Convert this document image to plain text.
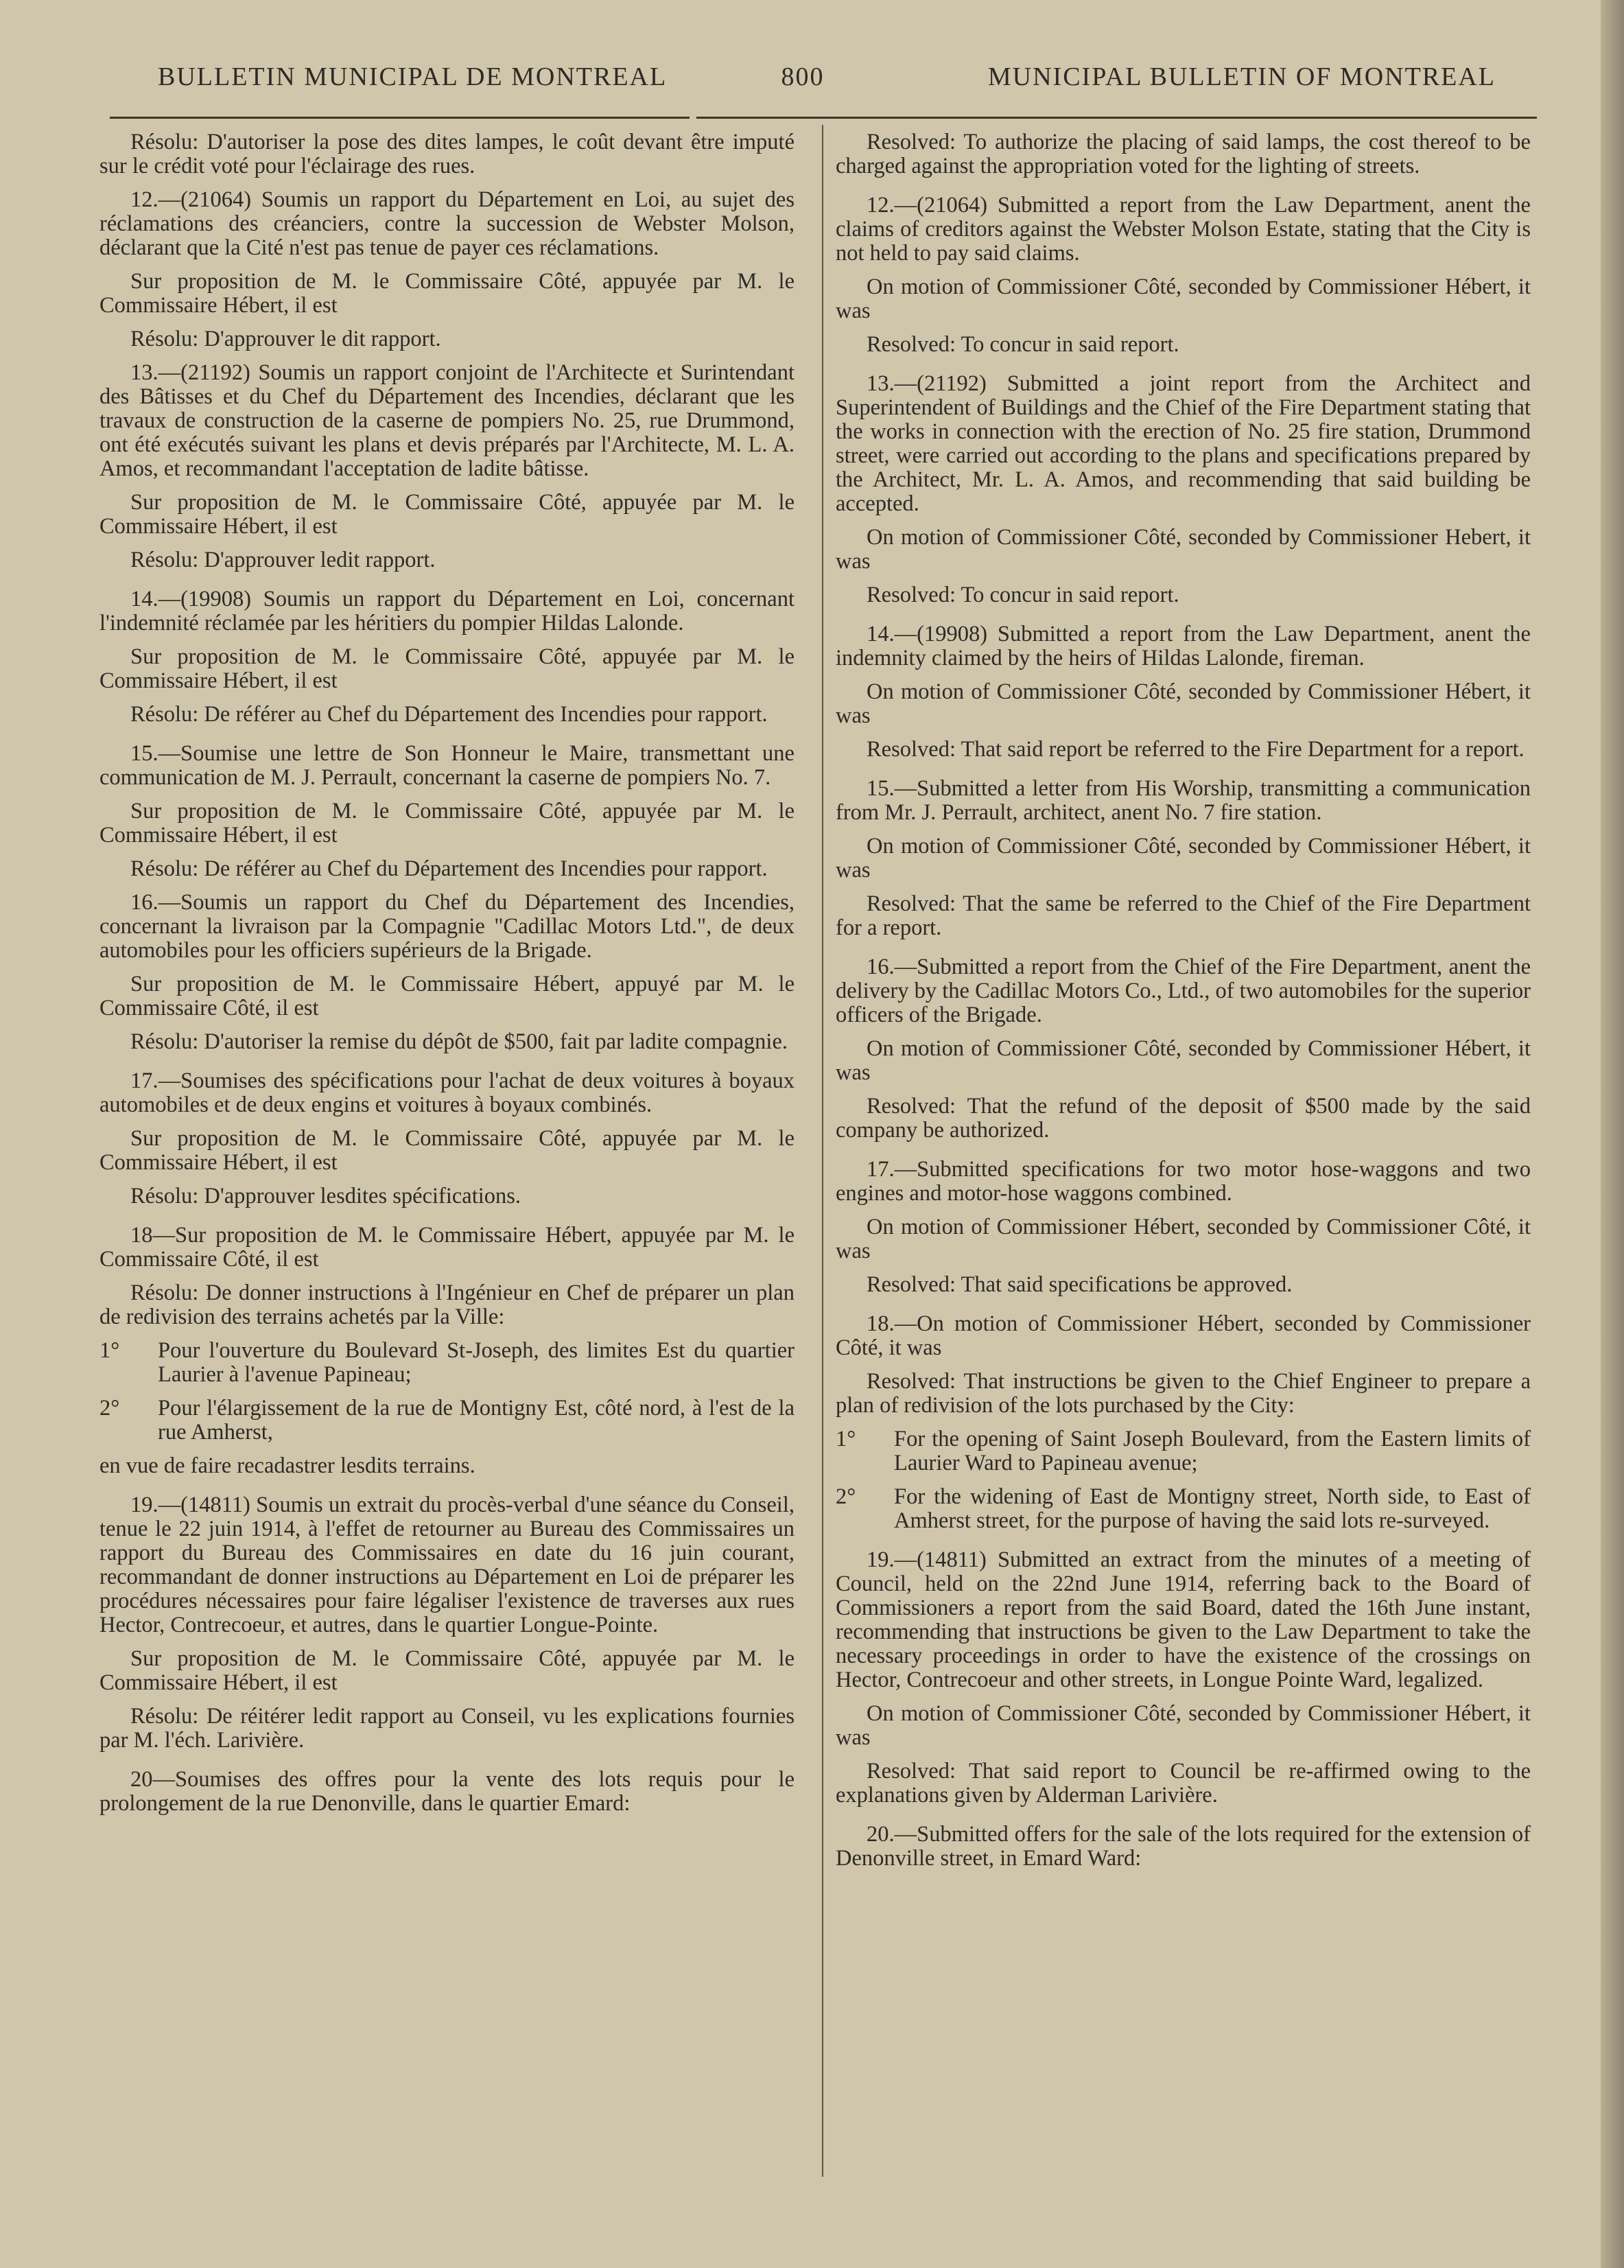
BULLETIN MUNICIPAL DE MONTREAL	800	MUNICIPAL BULLETIN OF MONTREAL

Résolu: D'autoriser la pose des dites lampes, le coût devant être imputé sur le crédit voté pour l'éclairage des rues.

12.—(21064) Soumis un rapport du Département en Loi, au sujet des réclamations des créanciers, contre la succession de Webster Molson, déclarant que la Cité n'est pas tenue de payer ces réclamations.

Sur proposition de M. le Commissaire Côté, appuyée par M. le Commissaire Hébert, il est

Résolu: D'approuver le dit rapport.

13.—(21192) Soumis un rapport conjoint de l'Architecte et Surintendant des Bâtisses et du Chef du Département des Incendies, déclarant que les travaux de construction de la caserne de pompiers No. 25, rue Drummond, ont été exécutés suivant les plans et devis préparés par l'Architecte, M. L. A. Amos, et recommandant l'acceptation de ladite bâtisse.

Sur proposition de M. le Commissaire Côté, appuyée par M. le Commissaire Hébert, il est

Résolu: D'approuver ledit rapport.

14.—(19908) Soumis un rapport du Département en Loi, concernant l'indemnité réclamée par les héritiers du pompier Hildas Lalonde.

Sur proposition de M. le Commissaire Côté, appuyée par M. le Commissaire Hébert, il est

Résolu: De référer au Chef du Département des Incendies pour rapport.

15.—Soumise une lettre de Son Honneur le Maire, transmettant une communication de M. J. Perrault, concernant la caserne de pompiers No. 7.

Sur proposition de M. le Commissaire Côté, appuyée par M. le Commissaire Hébert, il est

Résolu: De référer au Chef du Département des Incendies pour rapport.

16.—Soumis un rapport du Chef du Département des Incendies, concernant la livraison par la Compagnie "Cadillac Motors Ltd.", de deux automobiles pour les officiers supérieurs de la Brigade.

Sur proposition de M. le Commissaire Hébert, appuyé par M. le Commissaire Côté, il est

Résolu: D'autoriser la remise du dépôt de $500, fait par ladite compagnie.

17.—Soumises des spécifications pour l'achat de deux voitures à boyaux automobiles et de deux engins et voitures à boyaux combinés.

Sur proposition de M. le Commissaire Côté, appuyée par M. le Commissaire Hébert, il est

Résolu: D'approuver lesdites spécifications.

18—Sur proposition de M. le Commissaire Hébert, appuyée par M. le Commissaire Côté, il est

Résolu: De donner instructions à l'Ingénieur en Chef de préparer un plan de redivision des terrains achetés par la Ville:

1° Pour l'ouverture du Boulevard St-Joseph, des limites Est du quartier Laurier à l'avenue Papineau;
2° Pour l'élargissement de la rue de Montigny Est, côté nord, à l'est de la rue Amherst,

en vue de faire recadastrer lesdits terrains.

19.—(14811) Soumis un extrait du procès-verbal d'une séance du Conseil, tenue le 22 juin 1914, à l'effet de retourner au Bureau des Commissaires un rapport du Bureau des Commissaires en date du 16 juin courant, recommandant de donner instructions au Département en Loi de préparer les procédures nécessaires pour faire légaliser l'existence de traverses aux rues Hector, Contrecoeur, et autres, dans le quartier Longue-Pointe.

Sur proposition de M. le Commissaire Côté, appuyée par M. le Commissaire Hébert, il est

Résolu: De réitérer ledit rapport au Conseil, vu les explications fournies par M. l'éch. Larivière.

20—Soumises des offres pour la vente des lots requis pour le prolongement de la rue Denonville, dans le quartier Emard:

Resolved: To authorize the placing of said lamps, the cost thereof to be charged against the appropriation voted for the lighting of streets.

12.—(21064) Submitted a report from the Law Department, anent the claims of creditors against the Webster Molson Estate, stating that the City is not held to pay said claims.

On motion of Commissioner Côté, seconded by Commissioner Hébert, it was

Resolved: To concur in said report.

13.—(21192) Submitted a joint report from the Architect and Superintendent of Buildings and the Chief of the Fire Department stating that the works in connection with the erection of No. 25 fire station, Drummond street, were carried out according to the plans and specifications prepared by the Architect, Mr. L. A. Amos, and recommending that said building be accepted.

On motion of Commissioner Côté, seconded by Commissioner Hebert, it was

Resolved: To concur in said report.

14.—(19908) Submitted a report from the Law Department, anent the indemnity claimed by the heirs of Hildas Lalonde, fireman.

On motion of Commissioner Côté, seconded by Commissioner Hébert, it was

Resolved: That said report be referred to the Fire Department for a report.

15.—Submitted a letter from His Worship, transmitting a communication from Mr. J. Perrault, architect, anent No. 7 fire station.

On motion of Commissioner Côté, seconded by Commissioner Hébert, it was

Resolved: That the same be referred to the Chief of the Fire Department for a report.

16.—Submitted a report from the Chief of the Fire Department, anent the delivery by the Cadillac Motors Co., Ltd., of two automobiles for the superior officers of the Brigade.

On motion of Commissioner Côté, seconded by Commissioner Hébert, it was

Resolved: That the refund of the deposit of $500 made by the said company be authorized.

17.—Submitted specifications for two motor hose-waggons and two engines and motor-hose waggons combined.

On motion of Commissioner Hébert, seconded by Commissioner Côté, it was

Resolved: That said specifications be approved.

18.—On motion of Commissioner Hébert, seconded by Commissioner Côté, it was

Resolved: That instructions be given to the Chief Engineer to prepare a plan of redivision of the lots purchased by the City:

1° For the opening of Saint Joseph Boulevard, from the Eastern limits of Laurier Ward to Papineau avenue;
2° For the widening of East de Montigny street, North side, to East of Amherst street, for the purpose of having the said lots re-surveyed.

19.—(14811) Submitted an extract from the minutes of a meeting of Council, held on the 22nd June 1914, referring back to the Board of Commissioners a report from the said Board, dated the 16th June instant, recommending that instructions be given to the Law Department to take the necessary proceedings in order to have the existence of the crossings on Hector, Contrecoeur and other streets, in Longue Pointe Ward, legalized.

On motion of Commissioner Côté, seconded by Commissioner Hébert, it was

Resolved: That said report to Council be re-affirmed owing to the explanations given by Alderman Larivière.

20.—Submitted offers for the sale of the lots required for the extension of Denonville street, in Emard Ward:
